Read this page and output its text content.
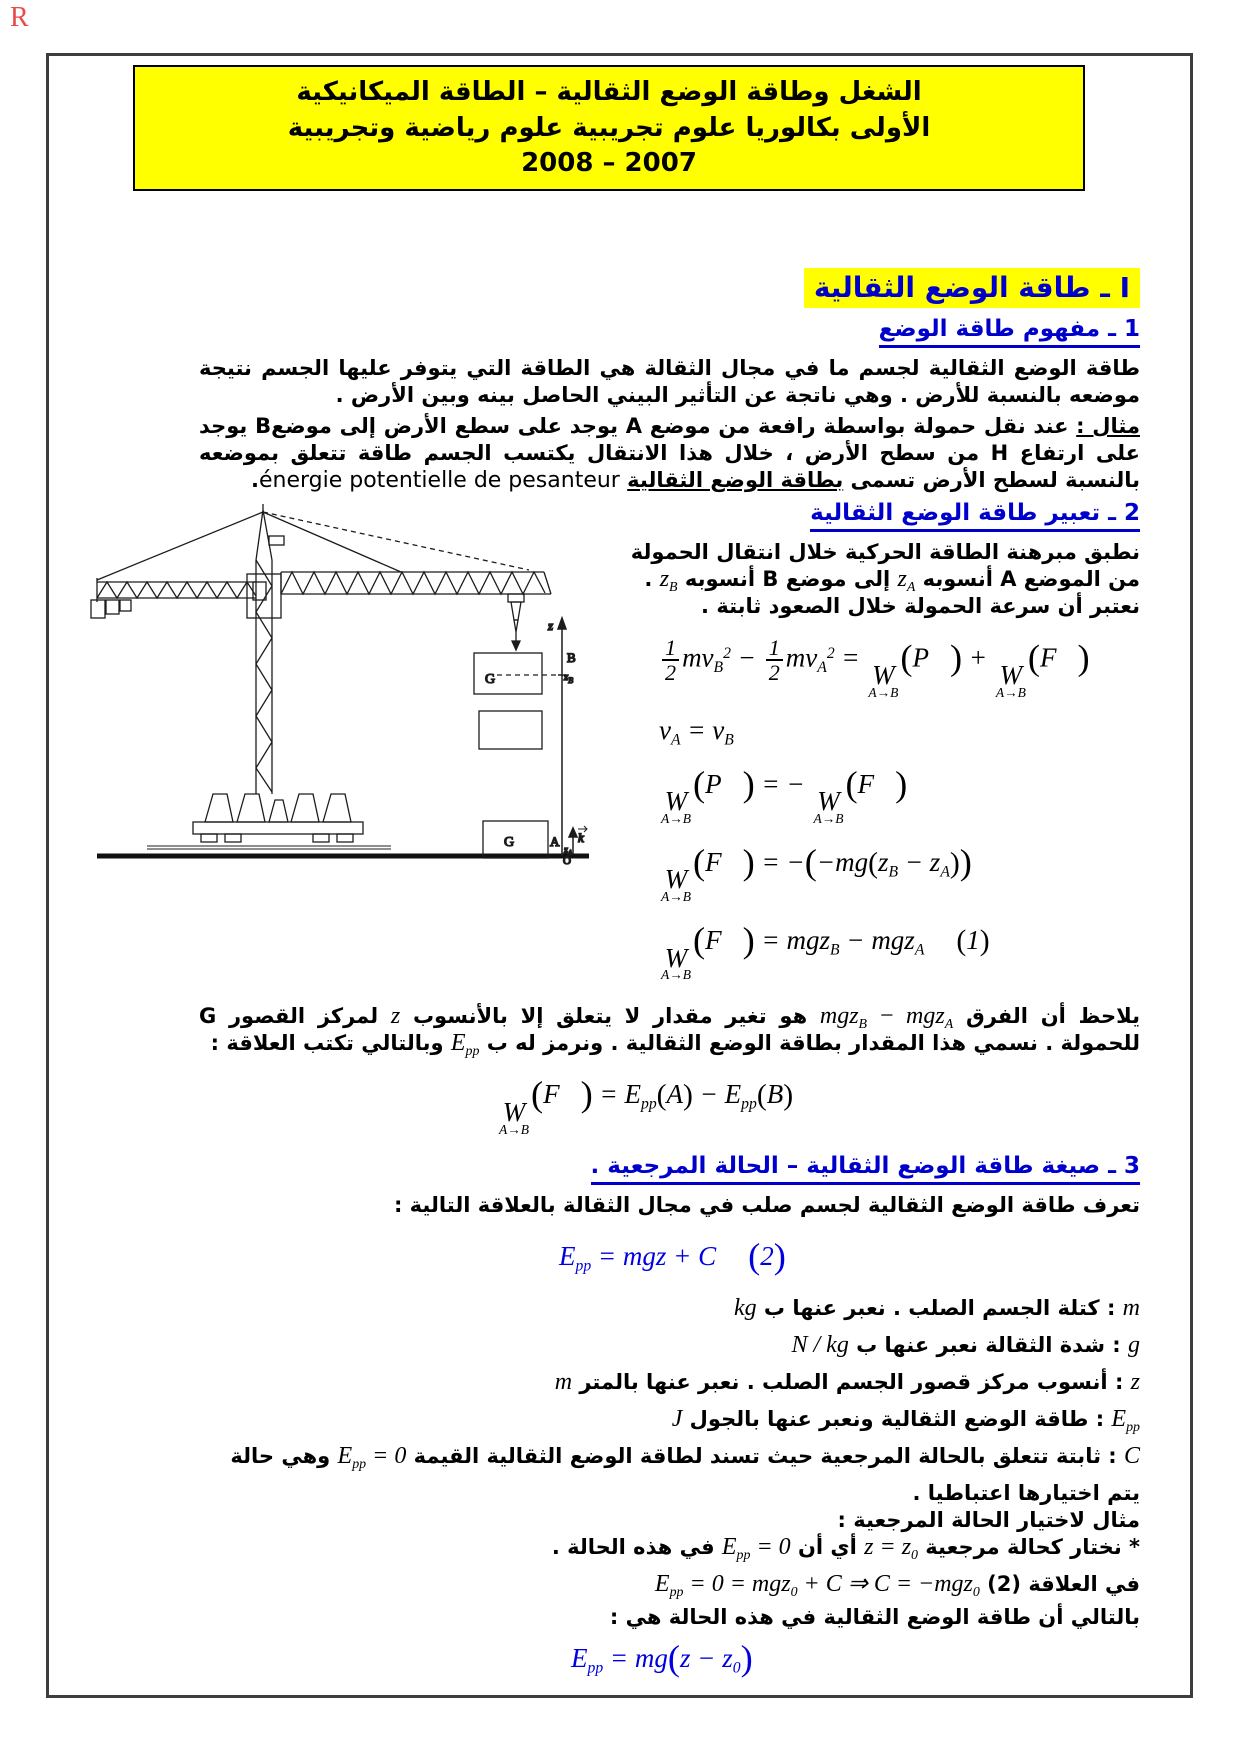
R
الشغل وطاقة الوضع الثقالية – الطاقة الميكانيكية
الأولى بكالوريا علوم تجريبية علوم رياضية وتجريبية
2008 – 2007
I ـ طاقة الوضع الثقالية
1 ـ مفهوم طاقة الوضع

طاقة الوضع الثقالية لجسم ما في مجال الثقالة هي الطاقة التي يتوفر عليها الجسم نتيجة موضعه بالنسبة للأرض . وهي ناتجة عن التأثير البيني الحاصل بينه وبين الأرض .

مثال : عند نقل حمولة بواسطة رافعة من موضع A يوجد على سطع الأرض إلى موضعB يوجد على ارتفاع H من سطح الأرض ، خلال هذا الانتقال يكتسب الجسم طاقة تتعلق بموضعه بالنسبة لسطح الأرض تسمى بطاقة الوضع الثقالية énergie potentielle de pesanteur.

2 ـ تعبير طاقة الوضع الثقالية

نطبق مبرهنة الطاقة الحركية خلال انتقال الحمولة

من الموضع A أنسوبه $z_A$ إلى موضع B أنسوبه $z_B$ .

نعتبر أن سرعة الحمولة خلال الصعود ثابتة .

$\frac{1}{2} mv_B^2 - \frac{1}{2} mv_A^2$ =
W
A→B
(P⃗) +
W
A→B
(F⃗)
$v_A = v_B$
W
A→B
(P⃗) = −
W
A→B
(F⃗)
W
A→B
(F⃗) = $-(-mg(z_B - z_A))$
W
A→B
(F⃗) = mgz$_B$ − mgz$_A$ (1)

يلاحظ أن الفرق mgz$_B$ − mgz$_A$ هو تغير مقدار لا يتعلق إلا بالأنسوب z لمركز القصور G للحمولة . نسمي هذا المقدار بطاقة الوضع الثقالية . ونرمز له ب $E_{pp}$ وبالتالي تكتب العلاقة :

W
A→B
(F⃗) = $E_{pp}(A) - E_{pp}(B)$
3 ـ صيغة طاقة الوضع الثقالية – الحالة المرجعية .

تعرف طاقة الوضع الثقالية لجسم صلب في مجال الثقالة بالعلاقة التالية :

$E_{pp}$ = mgz + C (2)

m : كتلة الجسم الصلب . نعبر عنها ب kg

g : شدة الثقالة نعبر عنها ب N / kg

z : أنسوب مركز قصور الجسم الصلب . نعبر عنها بالمتر m

$E_{pp}$ : طاقة الوضع الثقالية ونعبر عنها بالجول J

C : ثابتة تتعلق بالحالة المرجعية حيث تسند لطاقة الوضع الثقالية القيمة $E_{pp} = 0$ وهي حالة

يتم اختيارها اعتباطيا .

مثال لاختيار الحالة المرجعية :

* نختار كحالة مرجعية $z = z_0$ أي أن $E_{pp} = 0$ في هذه الحالة .

في العلاقة (2) $E_{pp} = 0 = mgz_0 + C$ ⇒ C = −mgz$_0$

بالتالي أن طاقة الوضع الثقالية في هذه الحالة هي :

$E_{pp} = mg(z - z_0)$
G
G
z
B
$z_B$
A k
$z_A$
O
